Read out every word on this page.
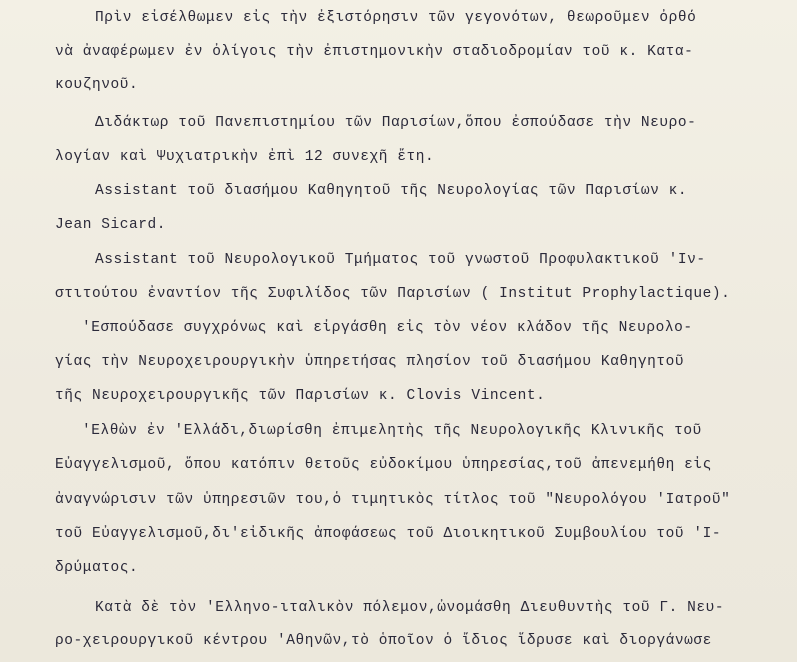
Πρὶν εἰσέλθωμεν εἰς τὴν ἐξιστόρησιν τῶν γεγονότων, θεωροῦμεν ὀρθό
νὰ ἀναφέρωμεν ἐν ὀλίγοις τὴν ἐπιστημονικὴν σταδιοδρομίαν τοῦ κ. Κατα-
κουζηνοῦ.
Διδάκτωρ τοῦ Πανεπιστημίου τῶν Παρισίων,ὅπου ἐσπούδασε τὴν Νευρο-
λογίαν καὶ Ψυχιατρικὴν ἐπὶ 12 συνεχῆ ἔτη.
Assistant τοῦ διασήμου Καθηγητοῦ τῆς Νευρολογίας τῶν Παρισίων κ.
Jean Sicard.
Assistant τοῦ Νευρολογικοῦ Τμήματος τοῦ γνωστοῦ Προφυλακτικοῦ 'Ιν-
στιτούτου ἐναντίον τῆς Συφιλίδος τῶν Παρισίων ( Institut Prophylactique).
'Εσπούδασε συγχρόνως καὶ εἰργάσθη εἰς τὸν νέον κλάδον τῆς Νευρολο-
γίας τὴν Νευροχειρουργικὴν ὑπηρετήσας πλησίον τοῦ διασήμου Καθηγητοῦ
τῆς Νευροχειρουργικῆς τῶν Παρισίων κ. Clovis Vincent.
'Ελθὼν ἐν 'Ελλάδι,διωρίσθη ἐπιμελητὴς τῆς Νευρολογικῆς Κλινικῆς τοῦ
Εὐαγγελισμοῦ, ὅπου κατόπιν θετοῦς εὐδοκίμου ὑπηρεσίας,τοῦ ἀπενεμήθη εἰς
ἀναγνώρισιν τῶν ὑπηρεσιῶν του,ὁ τιμητικὸς τίτλος τοῦ "Νευρολόγου 'Ιατροῦ"
τοῦ Εὐαγγελισμοῦ,δι'εἰδικῆς ἀποφάσεως τοῦ Διοικητικοῦ Συμβουλίου τοῦ 'Ι-
δρύματος.
Κατὰ δὲ τὸν 'Ελληνο-ιταλικὸν πόλεμον,ὠνομάσθη Διευθυντὴς τοῦ Γ. Νευ-
ρο-χειρουργικοῦ κέντρου 'Αθηνῶν,τὸ ὁποῖον ὁ ἴδιος ἵδρυσε καὶ διοργάνωσε
